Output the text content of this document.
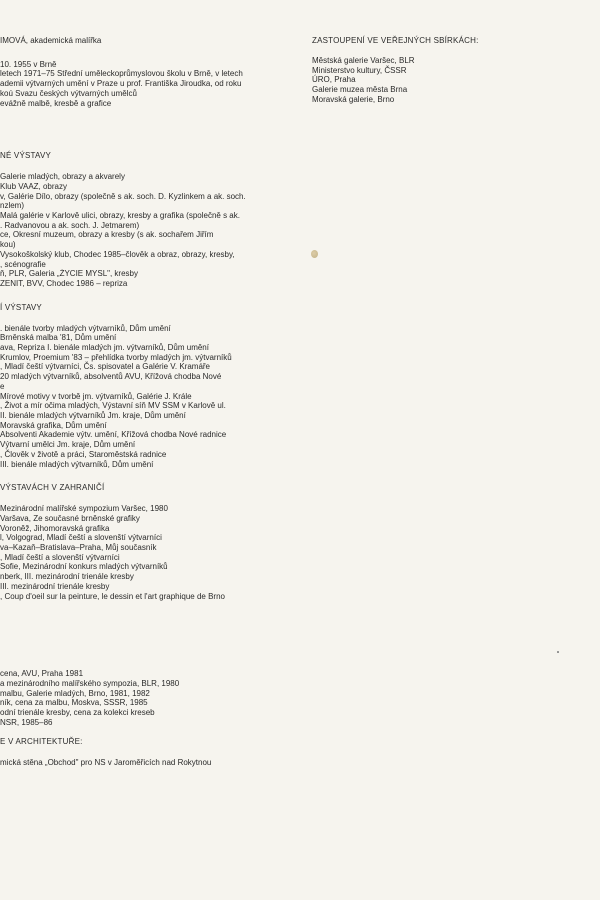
IMOVÁ, akademická malířka

10. 1955 v Brně

letech 1971–75 Střední uměleckoprůmyslovou školu v Brně, v letech

ademii výtvarných umění v Praze u prof. Františka Jiroudka, od roku

koú Svazu českých výtvarných umělců

evážně malbě, kresbě a grafice

NÉ VÝSTAVY

Galerie mladých, obrazy a akvarely

Klub VAAZ, obrazy

v, Galérie Dílo, obrazy (společně s ak. soch. D. Kyzlinkem a ak. soch.

nzlem)

Malá galérie v Karlově ulici, obrazy, kresby a grafika (společně s ak.

. Radvanovou a ak. soch. J. Jetmarem)

ce, Okresní muzeum, obrazy a kresby (s ak. sochařem Jiřím

kou)

Vysokoškolský klub, Chodec 1985–člověk a obraz, obrazy, kresby,

, scénografie

ň, PLR, Galeria „ŻYCIE MYSL", kresby

ZENIT, BVV, Chodec 1986 – repriza

Í VÝSTAVY

. bienále tvorby mladých výtvarníků, Dům umění

Brněnská malba '81, Dům umění

ava, Repriza I. bienále mladých jm. výtvarníků, Dům umění

Krumlov, Proemium '83 – přehlídka tvorby mladých jm. výtvarníků

, Mladí čeští výtvarníci, Čs. spisovatel a Galérie V. Kramáře

20 mladých výtvarníků, absolventů AVU, Křížová chodba Nové

e

Mírové motivy v tvorbě jm. výtvarníků, Galérie J. Krále

, Život a mír očima mladých, Výstavní síň MV SSM v Karlově ul.

II. bienále mladých výtvarníků Jm. kraje, Dům umění

Moravská grafika, Dům umění

Absolventi Akademie výtv. umění, Křížová chodba Nové radnice

Výtvarní umělci Jm. kraje, Dům umění

, Člověk v životě a práci, Staroměstská radnice

III. bienále mladých výtvarníků, Dům umění

VÝSTAVÁCH V ZAHRANIČÍ

Mezinárodní malířské sympozium Varšec, 1980

Varšava, Ze současné brněnské grafiky

Voroněž, Jihomoravská grafika

l, Volgograd, Mladí čeští a slovenští výtvarníci

va–Kazaň–Bratislava–Praha, Můj současník

, Mladí čeští a slovenští výtvarníci

Sofie, Mezinárodní konkurs mladých výtvarníků

nberk, III. mezinárodní trienále kresby

III. mezinárodní trienále kresby

, Coup d'oeil sur la peinture, le dessin et l'art graphique de Brno

cena, AVU, Praha 1981

a mezinárodního malířského sympozia, BLR, 1980

malbu, Galerie mladých, Brno, 1981, 1982

ník, cena za malbu, Moskva, SSSR, 1985

odní trienále kresby, cena za kolekci kreseb

NSR, 1985–86

E V ARCHITEKTUŘE:

mická stěna „Obchod" pro NS v Jaroměřicích nad Rokytnou

ZASTOUPENÍ VE VEŘEJNÝCH SBÍRKÁCH:

Městská galerie Varšec, BLR

Ministerstvo kultury, ČSSR

ÚRO, Praha

Galerie muzea města Brna

Moravská galerie, Brno
